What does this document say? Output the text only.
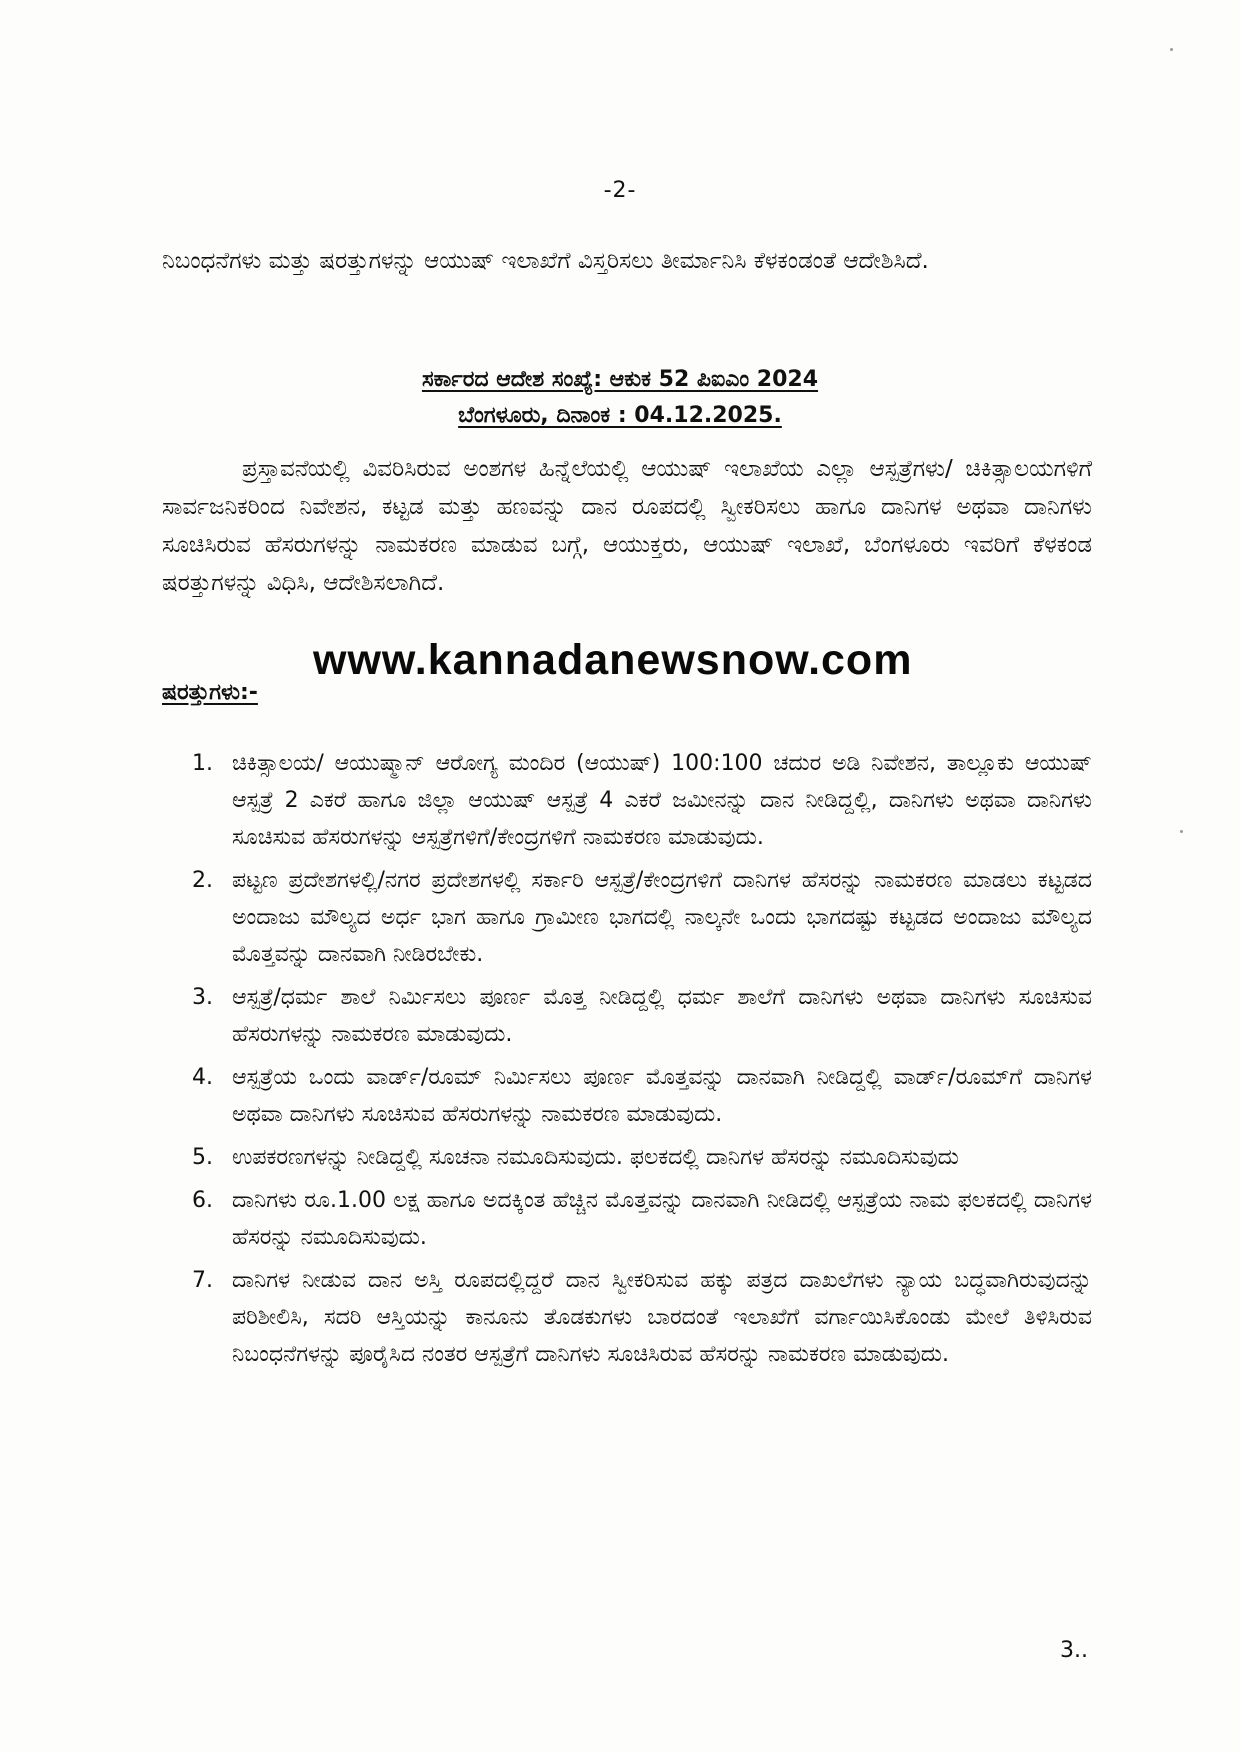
-2-
ನಿಬಂಧನೆಗಳು ಮತ್ತು ಷರತ್ತುಗಳನ್ನು ಆಯುಷ್ ಇಲಾಖೆಗೆ ವಿಸ್ತರಿಸಲು ತೀರ್ಮಾನಿಸಿ ಕೆಳಕಂಡಂತೆ ಆದೇಶಿಸಿದೆ.
ಸರ್ಕಾರದ ಆದೇಶ ಸಂಖ್ಯೆ: ಆಕುಕ 52 ಪಿಐಎಂ 2024
ಬೆಂಗಳೂರು, ದಿನಾಂಕ : 04.12.2025.
ಪ್ರಸ್ತಾವನೆಯಲ್ಲಿ ವಿವರಿಸಿರುವ ಅಂಶಗಳ ಹಿನ್ನೆಲೆಯಲ್ಲಿ ಆಯುಷ್ ಇಲಾಖೆಯ ಎಲ್ಲಾ ಆಸ್ಪತ್ರೆಗಳು/ ಚಿಕಿತ್ಸಾಲಯಗಳಿಗೆ ಸಾರ್ವಜನಿಕರಿಂದ ನಿವೇಶನ, ಕಟ್ಟಡ ಮತ್ತು ಹಣವನ್ನು ದಾನ ರೂಪದಲ್ಲಿ ಸ್ವೀಕರಿಸಲು ಹಾಗೂ ದಾನಿಗಳ ಅಥವಾ ದಾನಿಗಳು ಸೂಚಿಸಿರುವ ಹೆಸರುಗಳನ್ನು ನಾಮಕರಣ ಮಾಡುವ ಬಗ್ಗೆ, ಆಯುಕ್ತರು, ಆಯುಷ್ ಇಲಾಖೆ, ಬೆಂಗಳೂರು ಇವರಿಗೆ ಕೆಳಕಂಡ ಷರತ್ತುಗಳನ್ನು ವಿಧಿಸಿ, ಆದೇಶಿಸಲಾಗಿದೆ.
www.kannadanewsnow.com
ಷರತ್ತುಗಳು:-
1. ಚಿಕಿತ್ಸಾಲಯ/ ಆಯುಷ್ಮಾನ್ ಆರೋಗ್ಯ ಮಂದಿರ (ಆಯುಷ್) 100:100 ಚದುರ ಅಡಿ ನಿವೇಶನ, ತಾಲ್ಲೂಕು ಆಯುಷ್ ಆಸ್ಪತ್ರೆ 2 ಎಕರೆ ಹಾಗೂ ಜಿಲ್ಲಾ ಆಯುಷ್ ಆಸ್ಪತ್ರೆ 4 ಎಕರೆ ಜಮೀನನ್ನು ದಾನ ನೀಡಿದ್ದಲ್ಲಿ, ದಾನಿಗಳು ಅಥವಾ ದಾನಿಗಳು ಸೂಚಿಸುವ ಹೆಸರುಗಳನ್ನು ಆಸ್ಪತ್ರೆಗಳಿಗೆ/ಕೇಂದ್ರಗಳಿಗೆ ನಾಮಕರಣ ಮಾಡುವುದು.
2. ಪಟ್ಟಣ ಪ್ರದೇಶಗಳಲ್ಲಿ/ನಗರ ಪ್ರದೇಶಗಳಲ್ಲಿ ಸರ್ಕಾರಿ ಆಸ್ಪತ್ರೆ/ಕೇಂದ್ರಗಳಿಗೆ ದಾನಿಗಳ ಹೆಸರನ್ನು ನಾಮಕರಣ ಮಾಡಲು ಕಟ್ಟಡದ ಅಂದಾಜು ಮೌಲ್ಯದ ಅರ್ಧ ಭಾಗ ಹಾಗೂ ಗ್ರಾಮೀಣ ಭಾಗದಲ್ಲಿ ನಾಲ್ಕನೇ ಒಂದು ಭಾಗದಷ್ಟು ಕಟ್ಟಡದ ಅಂದಾಜು ಮೌಲ್ಯದ ಮೊತ್ತವನ್ನು ದಾನವಾಗಿ ನೀಡಿರಬೇಕು.
3. ಆಸ್ಪತ್ರೆ/ಧರ್ಮ ಶಾಲೆ ನಿರ್ಮಿಸಲು ಪೂರ್ಣ ಮೊತ್ತ ನೀಡಿದ್ದಲ್ಲಿ ಧರ್ಮ ಶಾಲೆಗೆ ದಾನಿಗಳು ಅಥವಾ ದಾನಿಗಳು ಸೂಚಿಸುವ ಹೆಸರುಗಳನ್ನು ನಾಮಕರಣ ಮಾಡುವುದು.
4. ಆಸ್ಪತ್ರೆಯ ಒಂದು ವಾರ್ಡ್/ರೂಮ್ ನಿರ್ಮಿಸಲು ಪೂರ್ಣ ಮೊತ್ತವನ್ನು ದಾನವಾಗಿ ನೀಡಿದ್ದಲ್ಲಿ ವಾರ್ಡ್/ರೂಮ್‌ಗೆ ದಾನಿಗಳ ಅಥವಾ ದಾನಿಗಳು ಸೂಚಿಸುವ ಹೆಸರುಗಳನ್ನು ನಾಮಕರಣ ಮಾಡುವುದು.
5. ಉಪಕರಣಗಳನ್ನು ನೀಡಿದ್ದಲ್ಲಿ ಸೂಚನಾ ನಮೂದಿಸುವುದು. ಫಲಕದಲ್ಲಿ ದಾನಿಗಳ ಹೆಸರನ್ನು ನಮೂದಿಸುವುದು
6. ದಾನಿಗಳು ರೂ.1.00 ಲಕ್ಷ ಹಾಗೂ ಅದಕ್ಕಿಂತ ಹೆಚ್ಚಿನ ಮೊತ್ತವನ್ನು ದಾನವಾಗಿ ನೀಡಿದಲ್ಲಿ ಆಸ್ಪತ್ರೆಯ ನಾಮ ಫಲಕದಲ್ಲಿ ದಾನಿಗಳ ಹೆಸರನ್ನು ನಮೂದಿಸುವುದು.
7. ದಾನಿಗಳ ನೀಡುವ ದಾನ ಅಸ್ತಿ ರೂಪದಲ್ಲಿದ್ದರೆ ದಾನ ಸ್ವೀಕರಿಸುವ ಹಕ್ಕು ಪತ್ರದ ದಾಖಲೆಗಳು ನ್ಯಾಯ ಬದ್ಧವಾಗಿರುವುದನ್ನು ಪರಿಶೀಲಿಸಿ, ಸದರಿ ಆಸ್ತಿಯನ್ನು ಕಾನೂನು ತೊಡಕುಗಳು ಬಾರದಂತೆ ಇಲಾಖೆಗೆ ವರ್ಗಾಯಿಸಿಕೊಂಡು ಮೇಲೆ ತಿಳಿಸಿರುವ ನಿಬಂಧನೆಗಳನ್ನು ಪೂರೈಸಿದ ನಂತರ ಆಸ್ಪತ್ರೆಗೆ ದಾನಿಗಳು ಸೂಚಿಸಿರುವ ಹೆಸರನ್ನು ನಾಮಕರಣ ಮಾಡುವುದು.
3..
